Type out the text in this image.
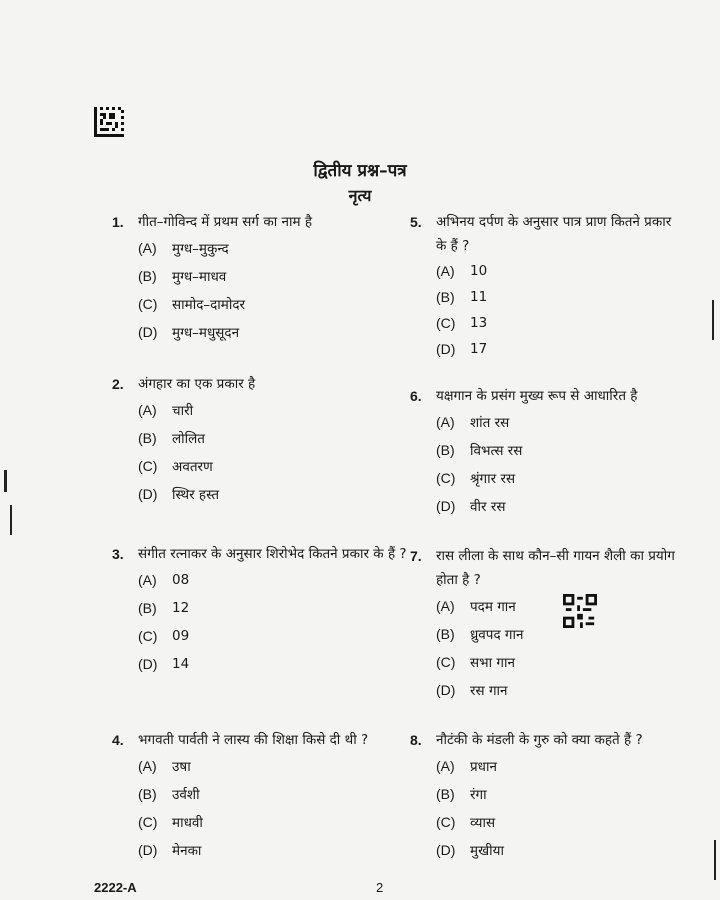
द्वितीय प्रश्न–पत्र
नृत्य
1.	गीत–गोविन्द में प्रथम सर्ग का नाम है
(A)	मुग्ध–मुकुन्द
(B)	मुग्ध–माधव
(C)	सामोद–दामोदर
(D)	मुग्ध–मधुसूदन
2.	अंगहार का एक प्रकार है
(A)	चारी
(B)	लोलित
(C)	अवतरण
(D)	स्थिर हस्त
3.	संगीत रत्नाकर के अनुसार शिरोभेद कितने प्रकार के हैं ?
(A)	08
(B)	12
(C)	09
(D)	14
4.	भगवती पार्वती ने लास्य की शिक्षा किसे दी थी ?
(A)	उषा
(B)	उर्वशी
(C)	माधवी
(D)	मेनका
5.	अभिनय दर्पण के अनुसार पात्र प्राण कितने प्रकार के हैं ?
(A)	10
(B)	11
(C)	13
(D)	17
6.	यक्षगान के प्रसंग मुख्य रूप से आधारित है
(A)	शांत रस
(B)	विभत्स रस
(C)	श्रृंगार रस
(D)	वीर रस
7.	रास लीला के साथ कौन–सी गायन शैली का प्रयोग होता है ?
(A)	पदम गान
(B)	ध्रुवपद गान
(C)	सभा गान
(D)	रस गान
8.	नौटंकी के मंडली के गुरु को क्या कहते हैं ?
(A)	प्रधान
(B)	रंगा
(C)	व्यास
(D)	मुखीया
2222-A	2
